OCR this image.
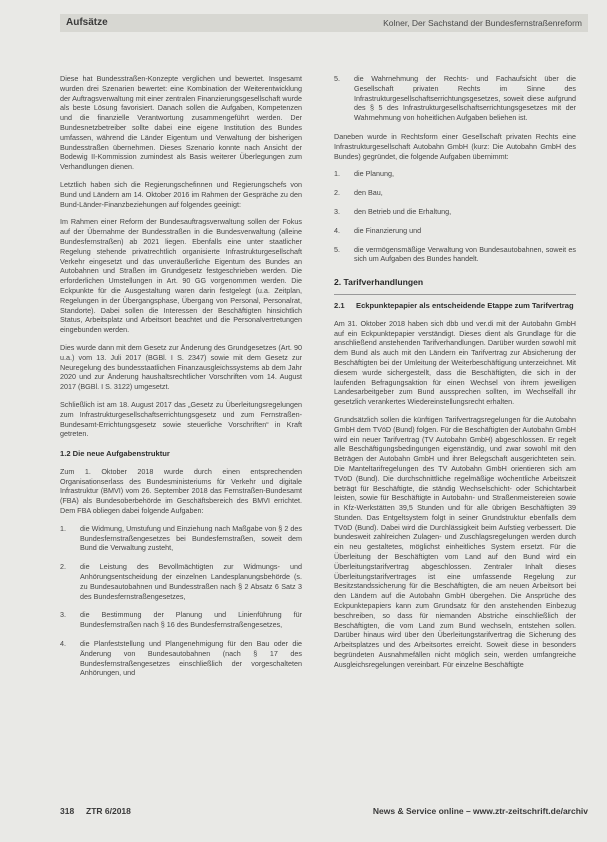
Aufsätze	Kolner, Der Sachstand der Bundesfernstraßenreform

Diese hat Bundesstraßen-Konzepte verglichen und bewertet. Insgesamt wurden drei Szenarien bewertet: eine Kombination der Weiterentwicklung der Auftragsverwaltung mit einer zentralen Finanzierungsgesellschaft wurde als beste Lösung favorisiert. Danach sollen die Aufgaben, Kompetenzen und die finanzielle Verantwortung zusammengeführt werden. Der Bundesnetzbetreiber sollte dabei eine eigene Institution des Bundes umfassen, während die Länder Eigentum und Verwaltung der bisherigen Bundesstraßen übernehmen. Dieses Szenario konnte nach Ansicht der Bodewig II-Kommission zumindest als Basis weiterer Überlegungen zum Verhandlungen dienen.

Letztlich haben sich die Regierungschefinnen und Regierungschefs von Bund und Ländern am 14. Oktober 2016 im Rahmen der Gespräche zu den Bund-Länder-Finanzbeziehungen auf folgendes geeinigt:

Im Rahmen einer Reform der Bundesauftragsverwaltung sollen der Fokus auf der Übernahme der Bundesstraßen in die Bundesverwaltung (alleine Bundesfernstraßen) ab 2021 liegen. Ebenfalls eine unter staatlicher Regelung stehende privatrechtlich organisierte Infrastrukturgesellschaft Verkehr eingesetzt und das unveräußerliche Eigentum des Bundes an Autobahnen und Straßen im Grundgesetz festgeschrieben werden. Die erforderlichen Umstellungen in Art. 90 GG vorgenommen werden. Die Eckpunkte für die Ausgestaltung waren darin festgelegt (u.a. Zeitplan, Regelungen in der Übergangsphase, Übergang von Personal, Personalrat, Standorte). Dabei sollen die Interessen der Beschäftigten hinsichtlich Status, Arbeitsplatz und Arbeitsort beachtet und die Personalvertretungen eingebunden werden.

Dies wurde dann mit dem Gesetz zur Änderung des Grundgesetzes (Art. 90 u.a.) vom 13. Juli 2017 (BGBl. I S. 2347) sowie mit dem Gesetz zur Neuregelung des bundesstaatlichen Finanzausgleichssystems ab dem Jahr 2020 und zur Änderung haushaltsrechtlicher Vorschriften vom 14. August 2017 (BGBl. I S. 3122) umgesetzt.

Schließlich ist am 18. August 2017 das „Gesetz zu Überleitungsregelungen zum Infrastrukturgesellschaftserrichtungsgesetz und zum Fernstraßen-Bundesamt-Errichtungsgesetz sowie steuerliche Vorschriften“ in Kraft getreten.

1.2 Die neue Aufgabenstruktur

Zum 1. Oktober 2018 wurde durch einen entsprechenden Organisationserlass des Bundesministeriums für Verkehr und digitale Infrastruktur (BMVI) vom 26. September 2018 das Fernstraßen-Bundesamt (FBA) als Bundesoberbehörde im Geschäftsbereich des BMVI errichtet. Dem FBA obliegen dabei folgende Aufgaben:

1. die Widmung, Umstufung und Einziehung nach Maßgabe von § 2 des Bundesfernstraßengesetzes bei Bundesfernstraßen, soweit dem Bund die Verwaltung zusteht,
2. die Leistung des Bevollmächtigten zur Widmungs- und Anhörungsentscheidung der einzelnen Landesplanungsbehörde (s. zu Bundesautobahnen und Bundesstraßen nach § 2 Absatz 6 Satz 3 des Bundesfernstraßengesetzes,
3. die Bestimmung der Planung und Linienführung für Bundesfernstraßen nach § 16 des Bundesfernstraßengesetzes,
4. die Planfeststellung und Plangenehmigung für den Bau oder die Änderung von Bundesautobahnen (nach § 17 des Bundesfernstraßengesetzes einschließlich der vorgeschalteten Anhörungen, und
5. die Wahrnehmung der Rechts- und Fachaufsicht über die Gesellschaft privaten Rechts im Sinne des Infrastrukturgesellschaftserrichtungsgesetzes, soweit diese aufgrund des § 5 des Infrastrukturgesellschaftserrichtungsgesetzes mit der Wahrnehmung von hoheitlichen Aufgaben beliehen ist.

Daneben wurde in Rechtsform einer Gesellschaft privaten Rechts eine Infrastrukturgesellschaft Autobahn GmbH (kurz: Die Autobahn GmbH des Bundes) gegründet, die folgende Aufgaben übernimmt:

1. die Planung,
2. den Bau,
3. den Betrieb und die Erhaltung,
4. die Finanzierung und
5. die vermögensmäßige Verwaltung von Bundesautobahnen, soweit es sich um Aufgaben des Bundes handelt.
2. Tarifverhandlungen
2.1 Eckpunktepapier als entscheidende Etappe zum Tarifvertrag

Am 31. Oktober 2018 haben sich dbb und ver.di mit der Autobahn GmbH auf ein Eckpunktepapier verständigt. Dieses dient als Grundlage für die anschließend anstehenden Tarifverhandlungen. Darüber wurden sowohl mit dem Bund als auch mit den Ländern ein Tarifvertrag zur Absicherung der Beschäftigten bei der Umleitung der Weiterbeschäftigung unterzeichnet. Mit diesem wurde sichergestellt, dass die Beschäftigten, die sich in der laufenden Befragungsaktion für einen Wechsel von ihrem jeweiligen Landesarbeitgeber zum Bund aussprechen sollten, im Wechselfall ihr gesetzlich verankertes Wiedereinstellungsrecht erhalten.

Grundsätzlich sollen die künftigen Tarifvertragsregelungen für die Autobahn GmbH dem TVöD (Bund) folgen. Für die Beschäftigten der Autobahn GmbH wird ein neuer Tarifvertrag (TV Autobahn GmbH) abgeschlossen. Er regelt alle Beschäftigungsbedingungen eigenständig, und zwar sowohl mit den Beträgen der Autobahn GmbH und ihrer Belegschaft ausgerichteten sein. Die Manteltarifregelungen des TV Autobahn GmbH orientieren sich am TVöD (Bund). Die durchschnittliche regelmäßige wöchentliche Arbeitszeit beträgt für Beschäftigte, die ständig Wechselschicht- oder Schichtarbeit leisten, sowie für Beschäftigte in Autobahn- und Straßenmeistereien sowie in Kfz-Werkstätten 39,5 Stunden und für alle übrigen Beschäftigten 39 Stunden. Das Entgeltsystem folgt in seiner Grundstruktur ebenfalls dem TVöD (Bund). Dabei wird die Durchlässigkeit beim Aufstieg verbessert. Die bundesweit zahlreichen Zulagen- und Zuschlagsregelungen werden durch ein neu gestaltetes, möglichst einheitliches System ersetzt. Für die Überleitung der Beschäftigten vom Land auf den Bund wird ein Überleitungstarifvertrag abgeschlossen. Zentraler Inhalt dieses Überleitungstarifvertrages ist eine umfassende Regelung zur Besitzstandssicherung für die Beschäftigten, die am neuen Arbeitsort bei den Ländern auf die Autobahn GmbH übergehen. Die Ansprüche des Eckpunktepapiers kann zum Grundsatz für den anstehenden Einbezug beschreiben, so dass für niemanden Abstriche einschließlich der Beschäftigten, die vom Land zum Bund wechseln, entstehen sollen. Darüber hinaus wird über den Überleitungstarifvertrag die Sicherung des Arbeitsplatzes und des Arbeitsortes erreicht. Soweit diese in besonders begründeten Ausnahmefällen nicht möglich sein, werden umfangreiche Ausgleichsregelungen vereinbart. Für einzelne Beschäftigte

318 ZTR 6/2018	News & Service online – www.ztr-zeitschrift.de/archiv
